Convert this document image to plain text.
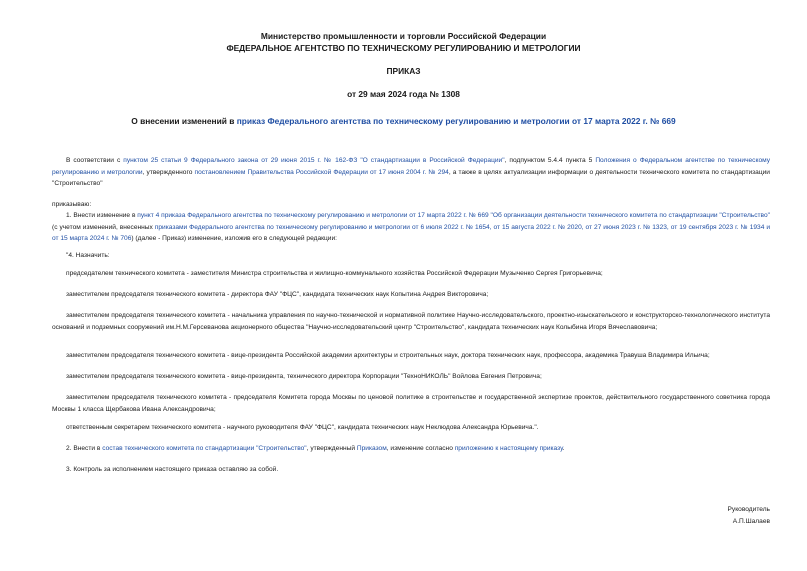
Министерство промышленности и торговли Российской Федерации
ФЕДЕРАЛЬНОЕ АГЕНТСТВО ПО ТЕХНИЧЕСКОМУ РЕГУЛИРОВАНИЮ И МЕТРОЛОГИИ
ПРИКАЗ
от 29 мая 2024 года № 1308
О внесении изменений в приказ Федерального агентства по техническому регулированию и метрологии от 17 марта 2022 г. № 669

В соответствии с пунктом 25 статьи 9 Федерального закона от 29 июня 2015 г. № 162-ФЗ "О стандартизации в Российской Федерации", подпунктом 5.4.4 пункта 5 Положения о Федеральном агентстве по техническому регулированию и метрологии, утвержденного постановлением Правительства Российской Федерации от 17 июня 2004 г. № 294, а также в целях актуализации информации о деятельности технического комитета по стандартизации "Строительство"

приказываю:

1. Внести изменение в пункт 4 приказа Федерального агентства по техническому регулированию и метрологии от 17 марта 2022 г. № 669 "Об организации деятельности технического комитета по стандартизации "Строительство" (с учетом изменений, внесенных приказами Федерального агентства по техническому регулированию и метрологии от 6 июля 2022 г. № 1654, от 15 августа 2022 г. № 2020, от 27 июня 2023 г. № 1323, от 19 сентября 2023 г. № 1934 и от 15 марта 2024 г. № 706) (далее - Приказ) изменение, изложив его в следующей редакции:

"4. Назначить:

председателем технического комитета - заместителя Министра строительства и жилищно-коммунального хозяйства Российской Федерации Музыченко Сергея Григорьевича;

заместителем председателя технического комитета - директора ФАУ "ФЦС", кандидата технических наук Копытина Андрея Викторовича;

заместителем председателя технического комитета - начальника управления по научно-технической и нормативной политике Научно-исследовательского, проектно-изыскательского и конструкторско-технологического института оснований и подземных сооружений им.Н.М.Герсеванова акционерного общества "Научно-исследовательский центр "Строительство", кандидата технических наук Колыбина Игоря Вячеславовича;

заместителем председателя технического комитета - вице-президента Российской академии архитектуры и строительных наук, доктора технических наук, профессора, академика Травуша Владимира Ильича;

заместителем председателя технического комитета - вице-президента, технического директора Корпорации "ТехноНИКОЛЬ" Войлова Евгения Петровича;

заместителем председателя технического комитета - председателя Комитета города Москвы по ценовой политике в строительстве и государственной экспертизе проектов, действительного государственного советника города Москвы 1 класса Щербакова Ивана Александровича;

ответственным секретарем технического комитета - научного руководителя ФАУ "ФЦС", кандидата технических наук Неклюдова Александра Юрьевича.".

2. Внести в состав технического комитета по стандартизации "Строительство", утвержденный Приказом, изменение согласно приложению к настоящему приказу.

3. Контроль за исполнением настоящего приказа оставляю за собой.

Руководитель
А.П.Шалаев
